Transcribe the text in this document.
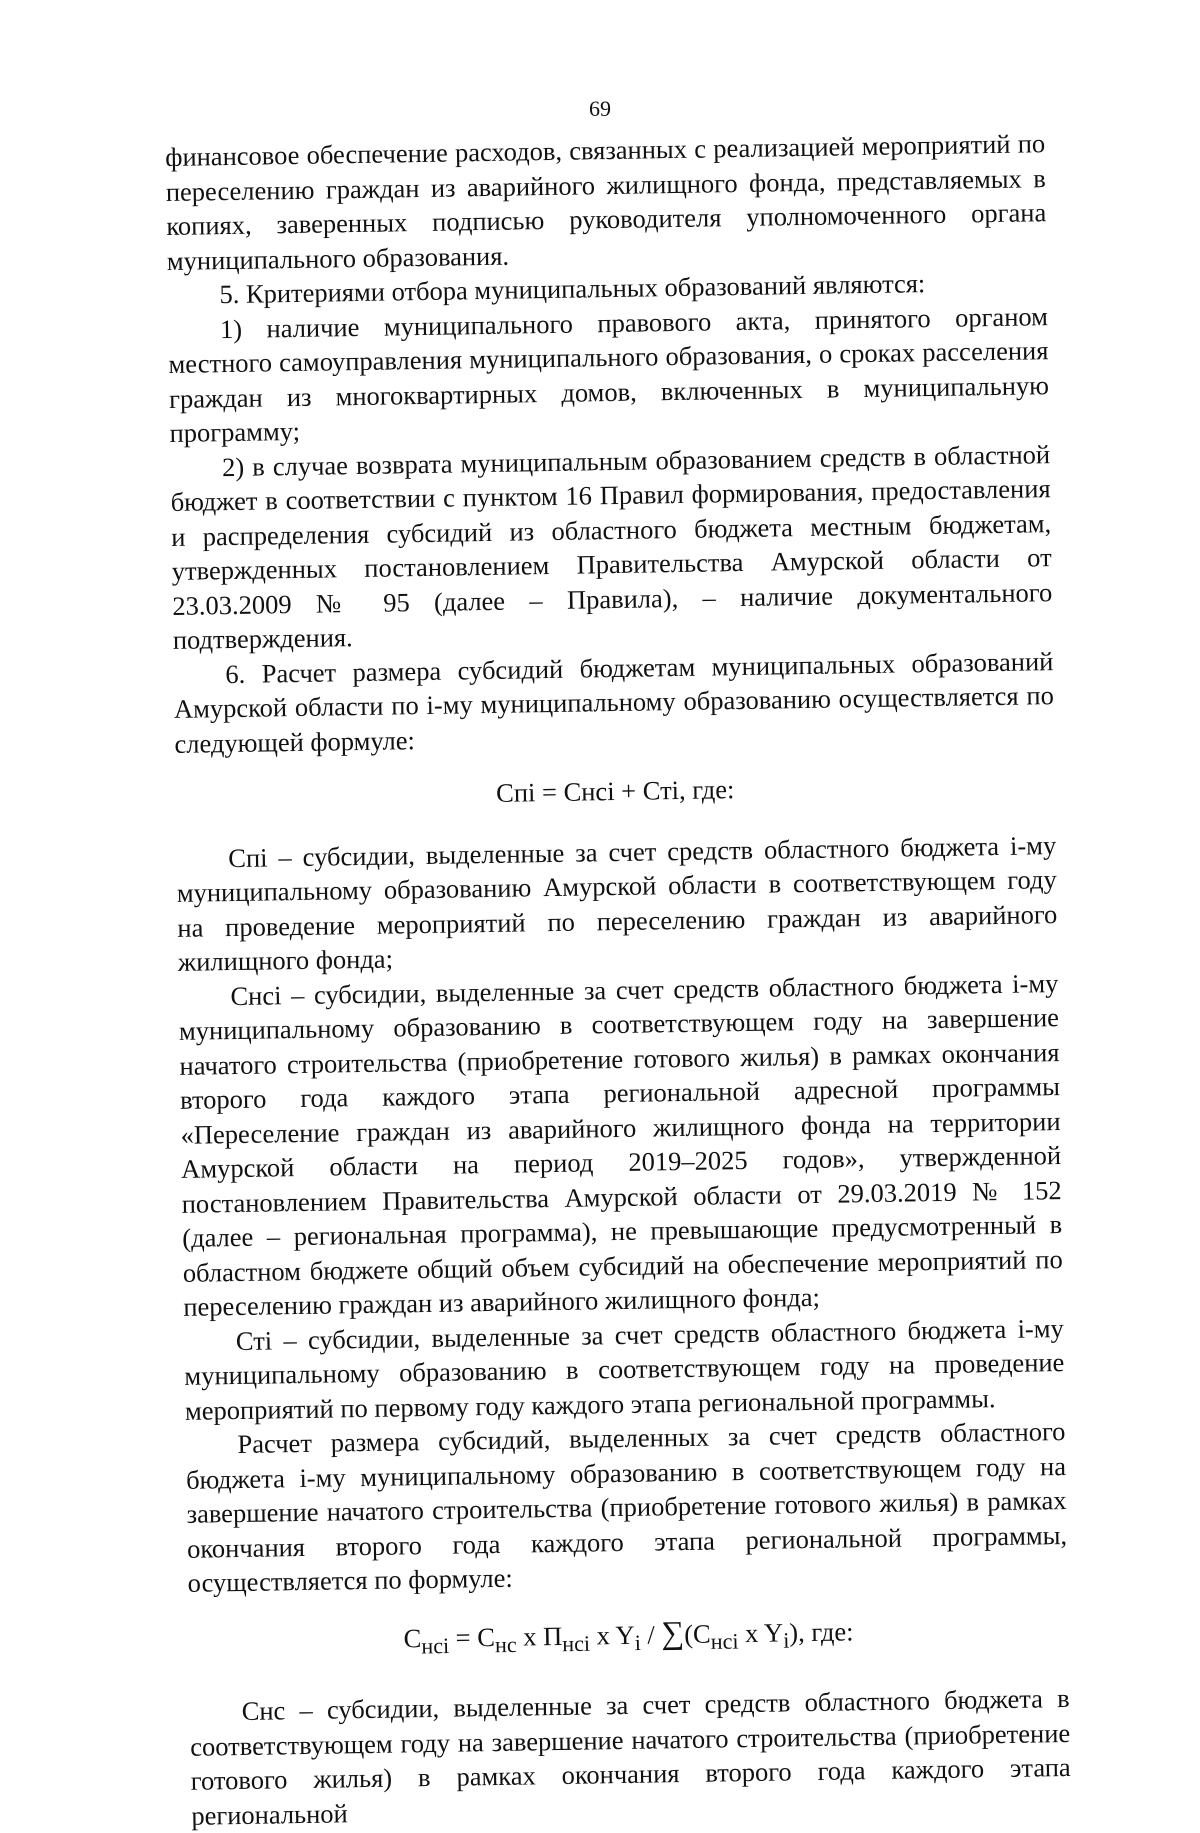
69

финансовое обеспечение расходов, связанных с реализацией мероприятий по переселению граждан из аварийного жилищного фонда, представляемых в копиях, заверенных подписью руководителя уполномоченного органа муниципального образования.

5. Критериями отбора муниципальных образований являются:

1) наличие муниципального правового акта, принятого органом местного самоуправления муниципального образования, о сроках расселения граждан из многоквартирных домов, включенных в муниципальную программу;

2) в случае возврата муниципальным образованием средств в областной бюджет в соответствии с пунктом 16 Правил формирования, предоставления и распределения субсидий из областного бюджета местным бюджетам, утвержденных постановлением Правительства Амурской области от 23.03.2009 № 95 (далее – Правила), – наличие документального подтверждения.

6. Расчет размера субсидий бюджетам муниципальных образований Амурской области по i-му муниципальному образованию осуществляется по следующей формуле:

Спi = Снсi + Стi, где:

Спi – субсидии, выделенные за счет средств областного бюджета i-му муниципальному образованию Амурской области в соответствующем году на проведение мероприятий по переселению граждан из аварийного жилищного фонда;

Снсi – субсидии, выделенные за счет средств областного бюджета i-му муниципальному образованию в соответствующем году на завершение начатого строительства (приобретение готового жилья) в рамках окончания второго года каждого этапа региональной адресной программы «Переселение граждан из аварийного жилищного фонда на территории Амурской области на период 2019–2025 годов», утвержденной постановлением Правительства Амурской области от 29.03.2019 № 152 (далее – региональная программа), не превышающие предусмотренный в областном бюджете общий объем субсидий на обеспечение мероприятий по переселению граждан из аварийного жилищного фонда;

Стi – субсидии, выделенные за счет средств областного бюджета i-му муниципальному образованию в соответствующем году на проведение мероприятий по первому году каждого этапа региональной программы.

Расчет размера субсидий, выделенных за счет средств областного бюджета i-му муниципальному образованию в соответствующем году на завершение начатого строительства (приобретение готового жилья) в рамках окончания второго года каждого этапа региональной программы, осуществляется по формуле:

$С_{нсi} = С_{нс}$ x $П_{нсi}$ x $Y_i / \sum(С_{нсi}$ x $Y_i$), где:

Снс – субсидии, выделенные за счет средств областного бюджета в соответствующем году на завершение начатого строительства (приобретение готового жилья) в рамках окончания второго года каждого этапа региональной
